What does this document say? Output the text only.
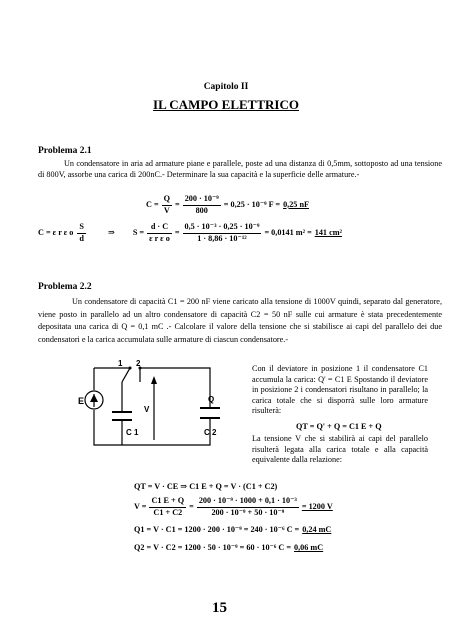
Capitolo II
IL CAMPO ELETTRICO
Problema 2.1
Un condensatore in aria ad armature piane e parallele, poste ad una distanza di 0,5mm, sottoposto ad una tensione di 800V, assorbe una carica di 200nC.- Determinare la sua capacità e la superficie delle armature.-
$C = \frac{Q}{V} = \frac{\text{200 · 10⁻⁹}}{800} = 0,25 \cdot 10^{-9}$ F = 0,25 nF
C = ε r ε o $\frac{S}{d}$	⇒ $S = \frac{d \cdot C}{\text{ε r ε o}} = \frac{\text{0,5 · 10⁻³ · 0,25 · 10⁻⁹}}{\text{1 · 8,86 · 10⁻¹²}} = 0,0141$ m² = 141 cm²
Problema 2.2
Un condensatore di capacità C1 = 200 nF viene caricato alla tensione di 1000V quindi, separato dal generatore, viene posto in parallelo ad un altro condensatore di capacità C2 = 50 nF sulle cui armature è stata precedentemente depositata una carica di Q = 0,1 mC .- Calcolare il valore della tensione che si stabilisce ai capi del parallelo dei due condensatori e la carica accumulata sulle armature di ciascun condensatore.-
E
1 2
V
Q
C 1	C 2
Con il deviatore in posizione 1 il condensatore C1 accumula la carica: Q' = C1 E Spostando il deviatore in posizione 2 i condensatori risultano in parallelo; la carica totale che si disporrà sulle loro armature risulterà:
QT = Q' + Q = C1 E + Q
La tensione V che si stabilirà ai capi del parallelo risulterà legata alla carica totale e alla capacità equivalente dalla relazione:
QT = V · CE ⇒ C1 E + Q = V · (C1 + C2)
$V = \frac{C1 E + Q}{C1 + C2} = \frac{\text{200 · 10⁻⁹ · 1000 + 0,1 · 10⁻³}}{\text{200 · 10⁻⁹ + 50 · 10⁻⁹}} = 1200$ V
Q1 = V · C1 = 1200 · 200 · 10⁻⁹ = 240 · 10⁻⁶ C = 0,24 mC
Q2 = V · C2 = 1200 · 50 · 10⁻⁹ = 60 · 10⁻⁶ C = 0,06 mC
15
